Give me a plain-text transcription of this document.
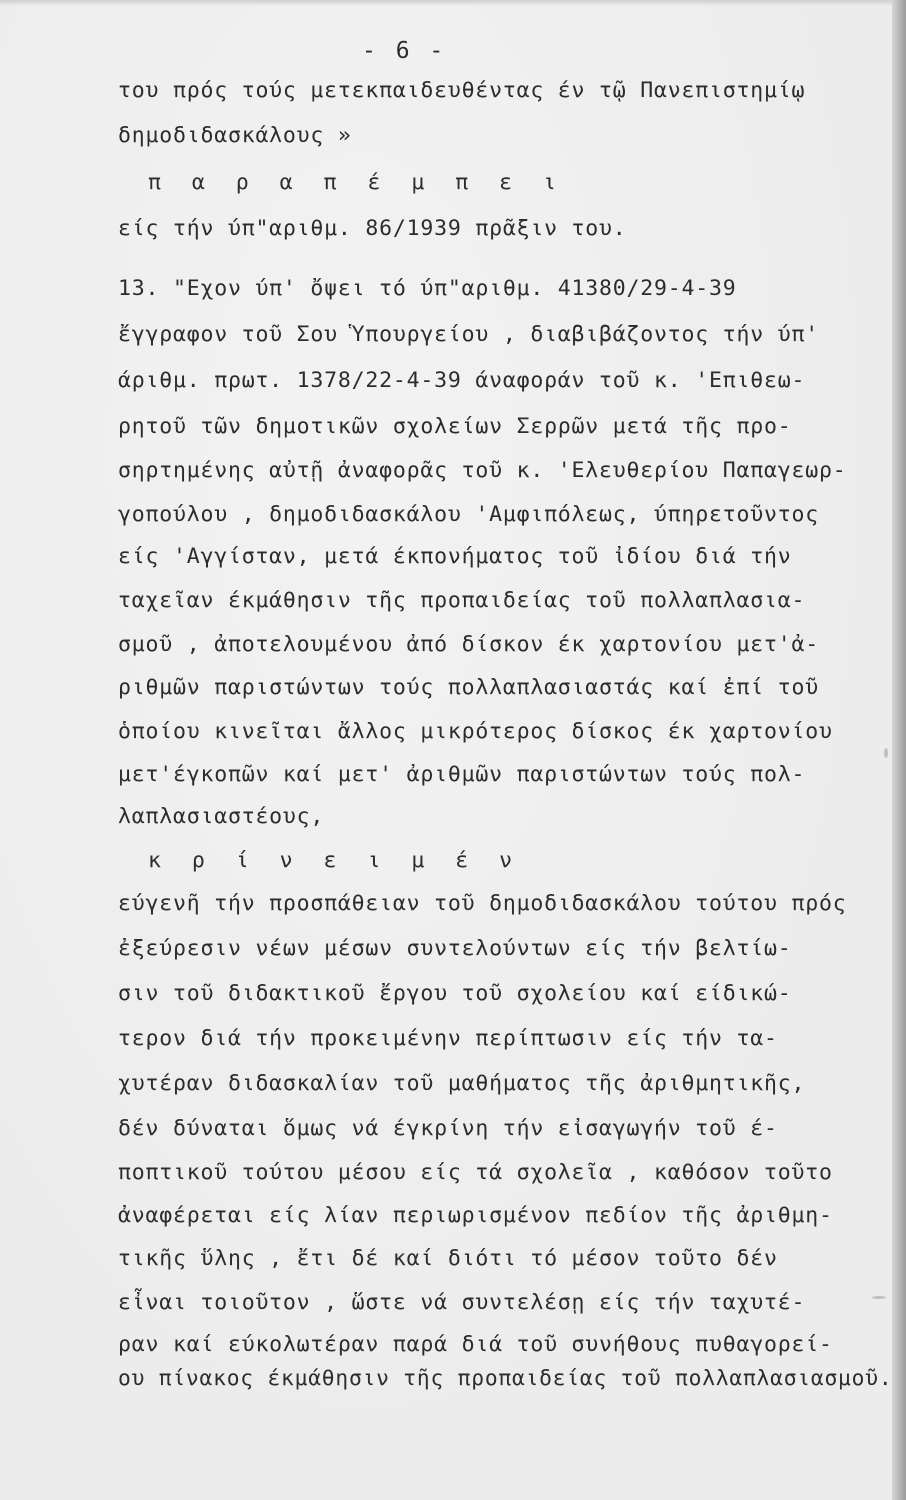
- 6 -
του πρός τούς μετεκπαιδευθέντας έν τῷ Πανεπιστημίῳ
δημοδιδασκάλους »
π α ρ α π έ μ π ε ι
είς τήν ύπ"αριθμ. 86/1939 πρᾶξιν του.
13. "Εχον ύπ' ὄψει τό ύπ"αριθμ. 41380/29-4-39
ἔγγραφον τοῦ Σου Ὑπουργείου , διαβιβάζοντος τήν ύπ'
άριθμ. πρωτ. 1378/22-4-39 άναφοράν τοῦ κ. 'Επιθεω-
ρητοῦ τῶν δημοτικῶν σχολείων Σερρῶν μετά τῆς προ-
σηρτημένης αὐτῇ ἀναφορᾶς τοῦ κ. 'Ελευθερίου Παπαγεωρ-
γοπούλου , δημοδιδασκάλου 'Αμφιπόλεως, ύπηρετοῦντος
είς 'Αγγίσταν, μετά έκπονήματος τοῦ ἰδίου διά τήν
ταχεῖαν έκμάθησιν τῆς προπαιδείας τοῦ πολλαπλασια-
σμοῦ , ἀποτελουμένου ἀπό δίσκον έκ χαρτονίου μετ'ἀ-
ριθμῶν παριστώντων τούς πολλαπλασιαστάς καί ἐπί τοῦ
ὁποίου κινεῖται ἄλλος μικρότερος δίσκος έκ χαρτονίου
μετ'έγκοπῶν καί μετ' ἀριθμῶν παριστώντων τούς πολ-
λαπλασιαστέους,
κ ρ ί ν ε ι μ έ ν
εύγενῆ τήν προσπάθειαν τοῦ δημοδιδασκάλου τούτου πρός
ἐξεύρεσιν νέων μέσων συντελούντων είς τήν βελτίω-
σιν τοῦ διδακτικοῦ ἔργου τοῦ σχολείου καί είδικώ-
τερον διά τήν προκειμένην περίπτωσιν είς τήν τα-
χυτέραν διδασκαλίαν τοῦ μαθήματος τῆς ἀριθμητικῆς,
δέν δύναται ὅμως νά έγκρίνη τήν εἰσαγωγήν τοῦ έ-
ποπτικοῦ τούτου μέσου είς τά σχολεῖα , καθόσον τοῦτο
ἀναφέρεται είς λίαν περιωρισμένον πεδίον τῆς ἀριθμη-
τικῆς ὕλης , ἔτι δέ καί διότι τό μέσον τοῦτο δέν
εἶναι τοιοῦτον , ὥστε νά συντελέσῃ είς τήν ταχυτέ-
ραν καί εύκολωτέραν παρά διά τοῦ συνήθους πυθαγορεί-
ου πίνακος έκμάθησιν τῆς προπαιδείας τοῦ πολλαπλασιασμοῦ.
